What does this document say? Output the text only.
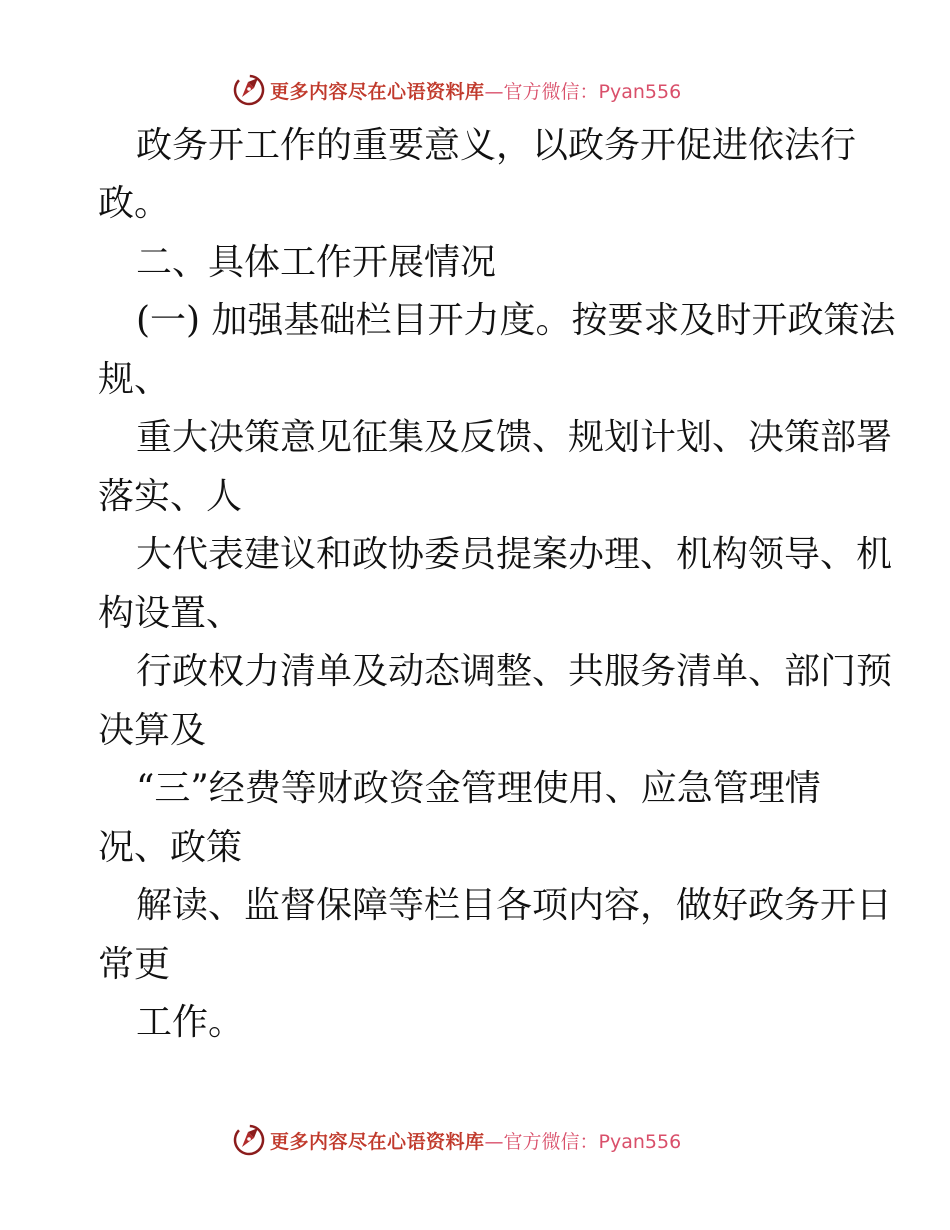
更多内容尽在心语资料库 —官方微信：Pyan556
政务开工作的重要意义，以政务开促进依法行
政。
二、具体工作开展情况
(一) 加强基础栏目开力度。按要求及时开政策法
规、
重大决策意见征集及反馈、规划计划、决策部署
落实、人
大代表建议和政协委员提案办理、机构领导、机
构设置、
行政权力清单及动态调整、共服务清单、部门预
决算及
“三”经费等财政资金管理使用、应急管理情
况、政策
解读、监督保障等栏目各项内容，做好政务开日
常更
工作。
更多内容尽在心语资料库 —官方微信：Pyan556
